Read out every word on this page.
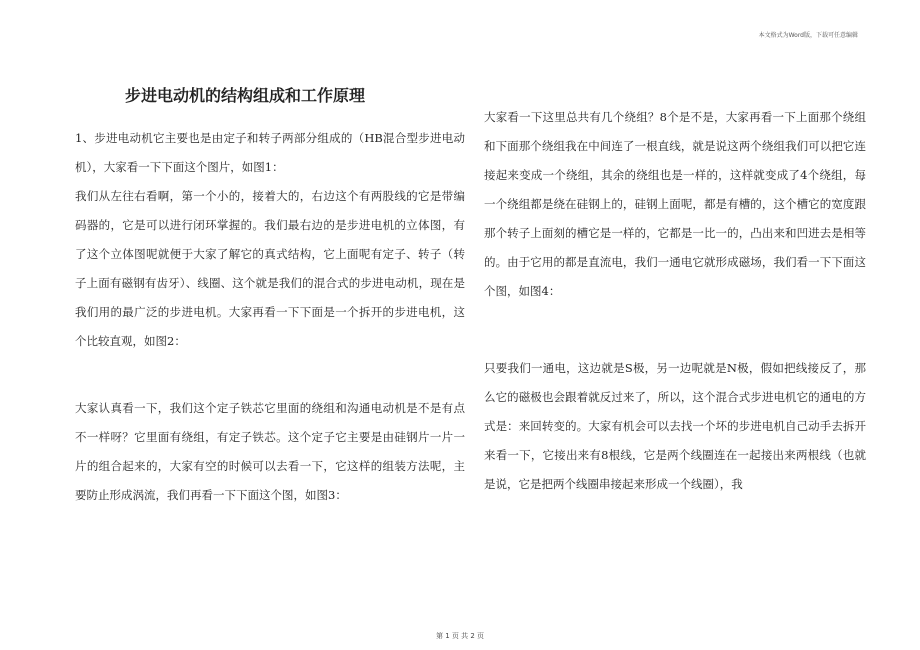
本文格式为Word版，下载可任意编辑
步进电动机的结构组成和工作原理

1、步进电动机它主要也是由定子和转子两部分组成的（HB混合型步进电动机），大家看一下下面这个图片，如图1：

我们从左往右看啊，第一个小的，接着大的，右边这个有两股线的它是带编码器的，它是可以进行闭环掌握的。我们最右边的是步进电机的立体图，有了这个立体图呢就便于大家了解它的真式结构，它上面呢有定子、转子（转子上面有磁钢有齿牙）、线圈、这个就是我们的混合式的步进电动机，现在是我们用的最广泛的步进电机。大家再看一下下面是一个拆开的步进电机，这个比较直观，如图2：

大家认真看一下，我们这个定子铁芯它里面的绕组和沟通电动机是不是有点不一样呀？它里面有绕组，有定子铁芯。这个定子它主要是由硅钢片一片一片的组合起来的，大家有空的时候可以去看一下，它这样的组装方法呢，主要防止形成涡流，我们再看一下下面这个图，如图3：

大家看一下这里总共有几个绕组？8个是不是，大家再看一下上面那个绕组和下面那个绕组我在中间连了一根直线，就是说这两个绕组我们可以把它连接起来变成一个绕组，其余的绕组也是一样的，这样就变成了4个绕组，每一个绕组都是绕在硅钢上的，硅钢上面呢，都是有槽的，这个槽它的宽度跟那个转子上面刻的槽它是一样的，它都是一比一的，凸出来和凹进去是相等的。由于它用的都是直流电，我们一通电它就形成磁场，我们看一下下面这个图，如图4：

只要我们一通电，这边就是S极，另一边呢就是N极，假如把线接反了，那么它的磁极也会跟着就反过来了，所以，这个混合式步进电机它的通电的方式是：来回转变的。大家有机会可以去找一个坏的步进电机自己动手去拆开来看一下，它接出来有8根线，它是两个线圈连在一起接出来两根线（也就是说，它是把两个线圈串接起来形成一个线圈），我

第 1 页 共 2 页
